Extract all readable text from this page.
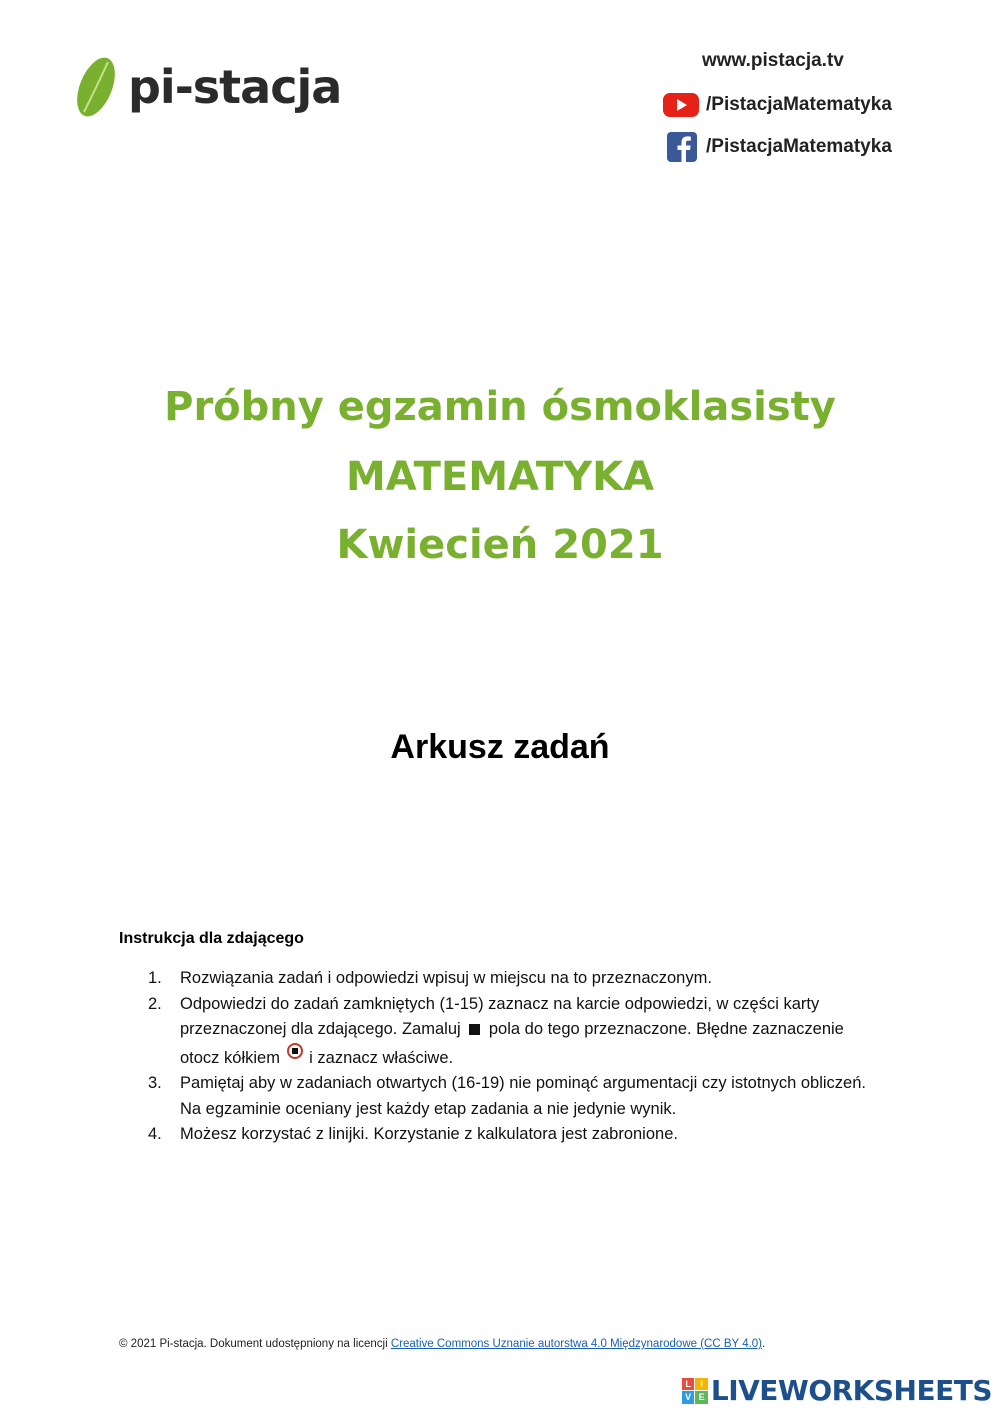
pi-stacja	www.pistacja.tv
/PistacjaMatematyka
/PistacjaMatematyka
Próbny egzamin ósmoklasisty
MATEMATYKA
Kwiecień 2021
Arkusz zadań
Instrukcja dla zdającego
1. Rozwiązania zadań i odpowiedzi wpisuj w miejscu na to przeznaczonym.
2. Odpowiedzi do zadań zamkniętych (1-15) zaznacz na karcie odpowiedzi, w części karty przeznaczonej dla zdającego. Zamaluj pola do tego przeznaczone. Błędne zaznaczenie otocz kółkiem i zaznacz właściwe.
3. Pamiętaj aby w zadaniach otwartych (16-19) nie pominąć argumentacji czy istotnych obliczeń. Na egzaminie oceniany jest każdy etap zadania a nie jedynie wynik.
4. Możesz korzystać z linijki. Korzystanie z kalkulatora jest zabronione.
© 2021 Pi-stacja. Dokument udostępniony na licencji Creative Commons Uznanie autorstwa 4.0 Międzynarodowe (CC BY 4.0).
L	I
V E LIVEWORKSHEETS
